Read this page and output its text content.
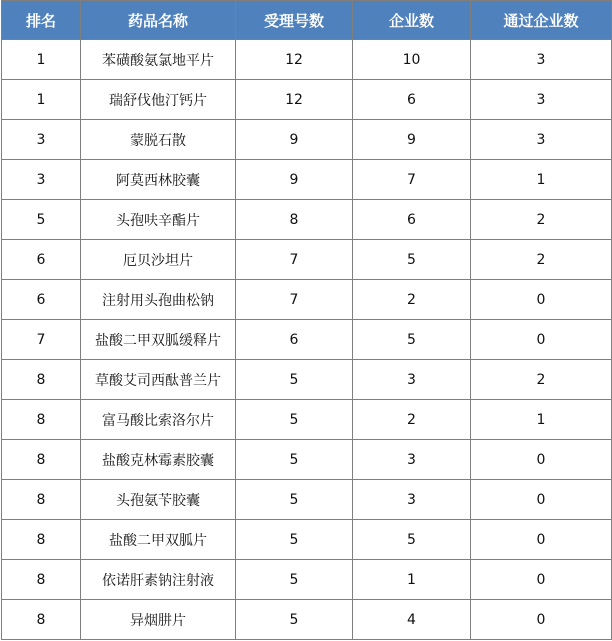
排名	药品名称	受理号数	企业数	通过企业数
1	苯磺酸氨氯地平片	12	10	3
1	瑞舒伐他汀钙片	12	6	3
3	蒙脱石散	9	9	3
3	阿莫西林胶囊	9	7	1
5	头孢呋辛酯片	8	6	2
6	厄贝沙坦片	7	5	2
6	注射用头孢曲松钠	7	2	0
7	盐酸二甲双胍缓释片	6	5	0
8	草酸艾司西酞普兰片	5	3	2
8	富马酸比索洛尔片	5	2	1
8	盐酸克林霉素胶囊	5	3	0
8	头孢氨苄胶囊	5	3	0
8	盐酸二甲双胍片	5	5	0
8	依诺肝素钠注射液	5	1	0
8	异烟肼片	5	4	0
